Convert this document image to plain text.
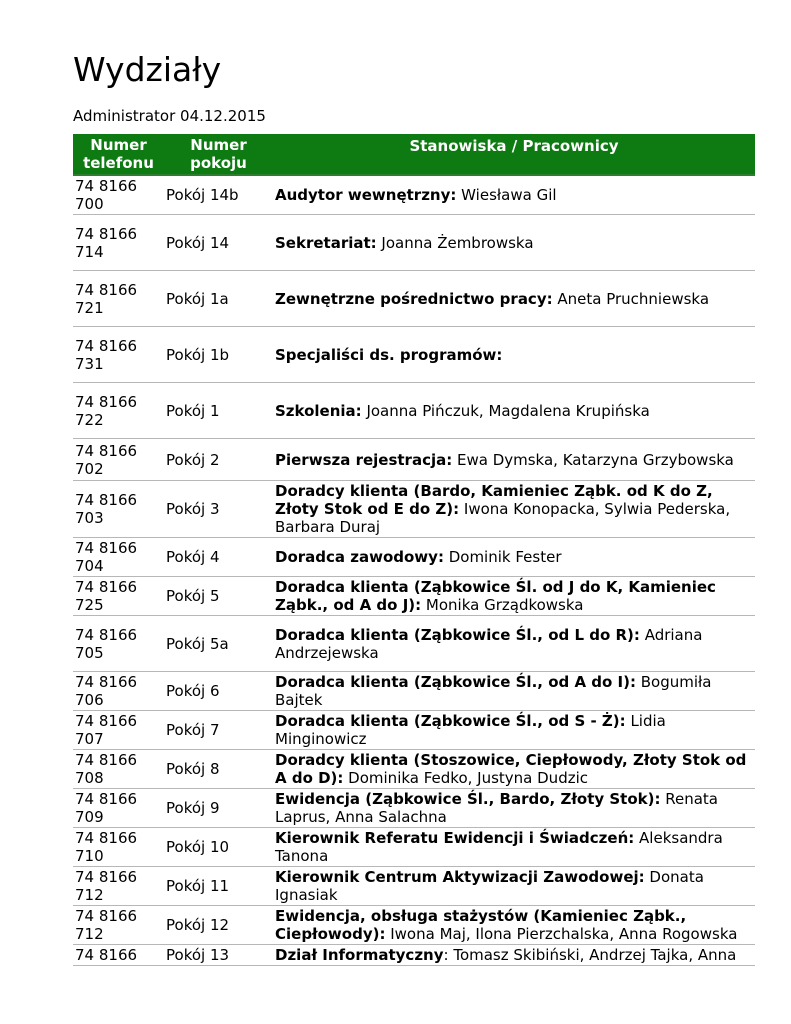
Wydziały
Administrator 04.12.2015
Numer telefonu	Numer pokoju	Stanowiska / Pracownicy
74 8166 700	Pokój 14b	Audytor wewnętrzny: Wiesława Gil
74 8166 714	Pokój 14	Sekretariat: Joanna Żembrowska
74 8166 721	Pokój 1a	Zewnętrzne pośrednictwo pracy: Aneta Pruchniewska
74 8166 731	Pokój 1b	Specjaliści ds. programów:
74 8166 722	Pokój 1	Szkolenia: Joanna Pińczuk, Magdalena Krupińska
74 8166 702	Pokój 2	Pierwsza rejestracja: Ewa Dymska, Katarzyna Grzybowska
74 8166 703	Pokój 3	Doradcy klienta (Bardo, Kamieniec Ząbk. od K do Z, Złoty Stok od E do Z): Iwona Konopacka, Sylwia Pederska, Barbara Duraj
74 8166 704	Pokój 4	Doradca zawodowy: Dominik Fester
74 8166 725	Pokój 5	Doradca klienta (Ząbkowice Śl. od J do K, Kamieniec Ząbk., od A do J): Monika Grządkowska
74 8166 705	Pokój 5a	Doradca klienta (Ząbkowice Śl., od L do R): Adriana Andrzejewska
74 8166 706	Pokój 6	Doradca klienta (Ząbkowice Śl., od A do I): Bogumiła Bajtek
74 8166 707	Pokój 7	Doradca klienta (Ząbkowice Śl., od S - Ż): Lidia Minginowicz
74 8166 708	Pokój 8	Doradcy klienta (Stoszowice, Ciepłowody, Złoty Stok od A do D): Dominika Fedko, Justyna Dudzic
74 8166 709	Pokój 9	Ewidencja (Ząbkowice Śl., Bardo, Złoty Stok): Renata Laprus, Anna Salachna
74 8166 710	Pokój 10	Kierownik Referatu Ewidencji i Świadczeń: Aleksandra Tanona
74 8166 712	Pokój 11	Kierownik Centrum Aktywizacji Zawodowej: Donata Ignasiak
74 8166 712	Pokój 12	Ewidencja, obsługa stażystów (Kamieniec Ząbk., Ciepłowody): Iwona Maj, Ilona Pierzchalska, Anna Rogowska
74 8166	Pokój 13	Dział Informatyczny: Tomasz Skibiński, Andrzej Tajka, Anna
